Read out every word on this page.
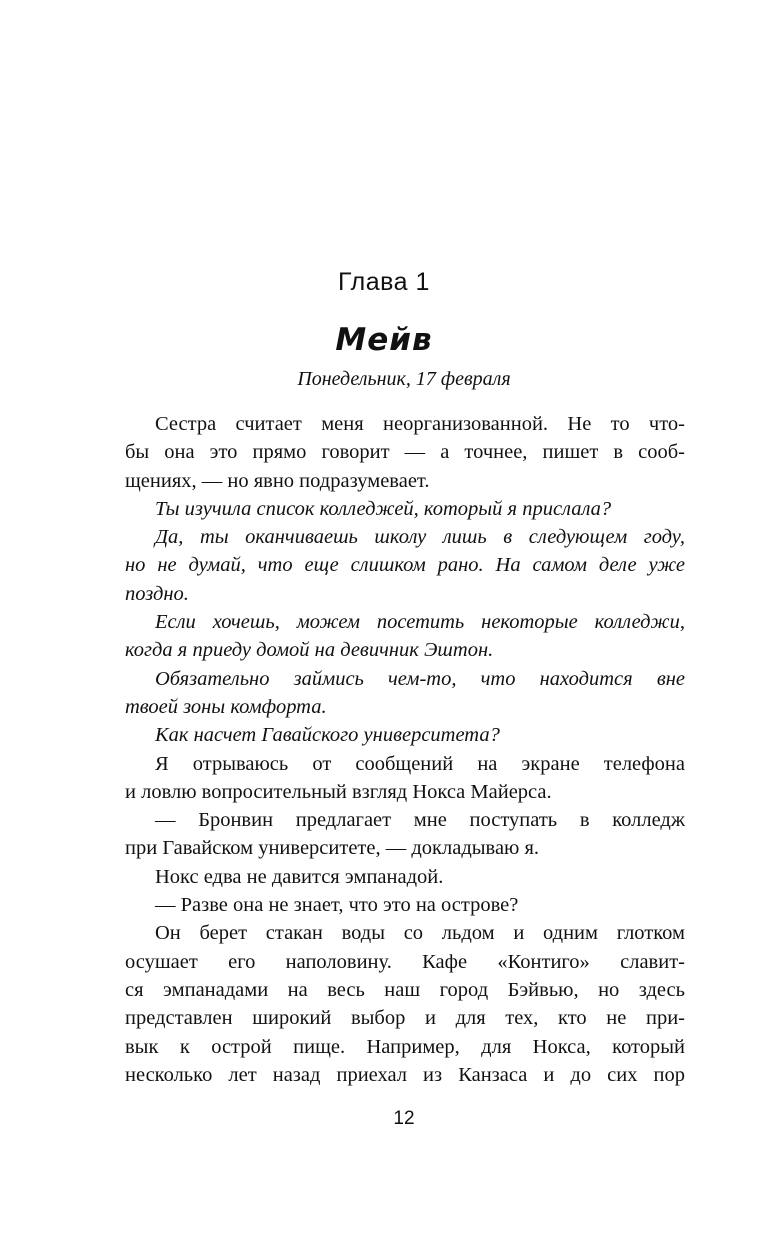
Глава 1
Мейв
Понедельник, 17 февраля
Сестра считает меня неорганизованной. Не то что-
бы она это прямо говорит — а точнее, пишет в сооб-
щениях, — но явно подразумевает.
Ты изучила список колледжей, который я прислала?
Да, ты оканчиваешь школу лишь в следующем году,
но не думай, что еще слишком рано. На самом деле уже
поздно.
Если хочешь, можем посетить некоторые колледжи,
когда я приеду домой на девичник Эштон.
Обязательно займись чем-то, что находится вне
твоей зоны комфорта.
Как насчет Гавайского университета?
Я отрываюсь от сообщений на экране телефона
и ловлю вопросительный взгляд Нокса Майерса.
— Бронвин предлагает мне поступать в колледж
при Гавайском университете, — докладываю я.
Нокс едва не давится эмпанадой.
— Разве она не знает, что это на острове?
Он берет стакан воды со льдом и одним глотком
осушает его наполовину. Кафе «Контиго» славит-
ся эмпанадами на весь наш город Бэйвью, но здесь
представлен широкий выбор и для тех, кто не при-
вык к острой пище. Например, для Нокса, который
несколько лет назад приехал из Канзаса и до сих пор
12
